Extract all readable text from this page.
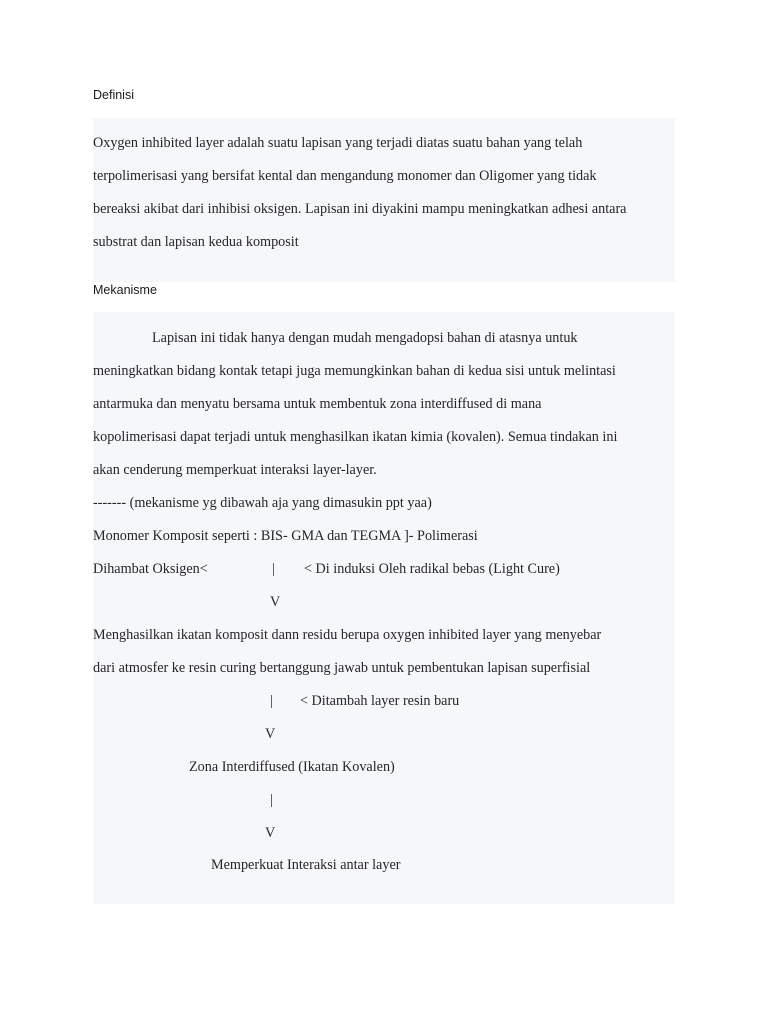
Definisi
Oxygen inhibited layer adalah suatu lapisan yang terjadi diatas suatu bahan yang telah
terpolimerisasi yang bersifat kental dan mengandung monomer dan Oligomer yang tidak
bereaksi akibat dari inhibisi oksigen. Lapisan ini diyakini mampu meningkatkan adhesi antara
substrat dan lapisan kedua komposit
Mekanisme
Lapisan ini tidak hanya dengan mudah mengadopsi bahan di atasnya untuk
meningkatkan bidang kontak tetapi juga memungkinkan bahan di kedua sisi untuk melintasi
antarmuka dan menyatu bersama untuk membentuk zona interdiffused di mana
kopolimerisasi dapat terjadi untuk menghasilkan ikatan kimia (kovalen). Semua tindakan ini
akan cenderung memperkuat interaksi layer-layer.
------- (mekanisme yg dibawah aja yang dimasukin ppt yaa)
Monomer Komposit seperti : BIS- GMA dan TEGMA ]- Polimerasi
Dihambat Oksigen<	| < Di induksi Oleh radikal bebas (Light Cure)
V
Menghasilkan ikatan komposit dann residu berupa oxygen inhibited layer yang menyebar
dari atmosfer ke resin curing bertanggung jawab untuk pembentukan lapisan superfisial
| < Ditambah layer resin baru
V
Zona Interdiffused (Ikatan Kovalen)
|
V
Memperkuat Interaksi antar layer
